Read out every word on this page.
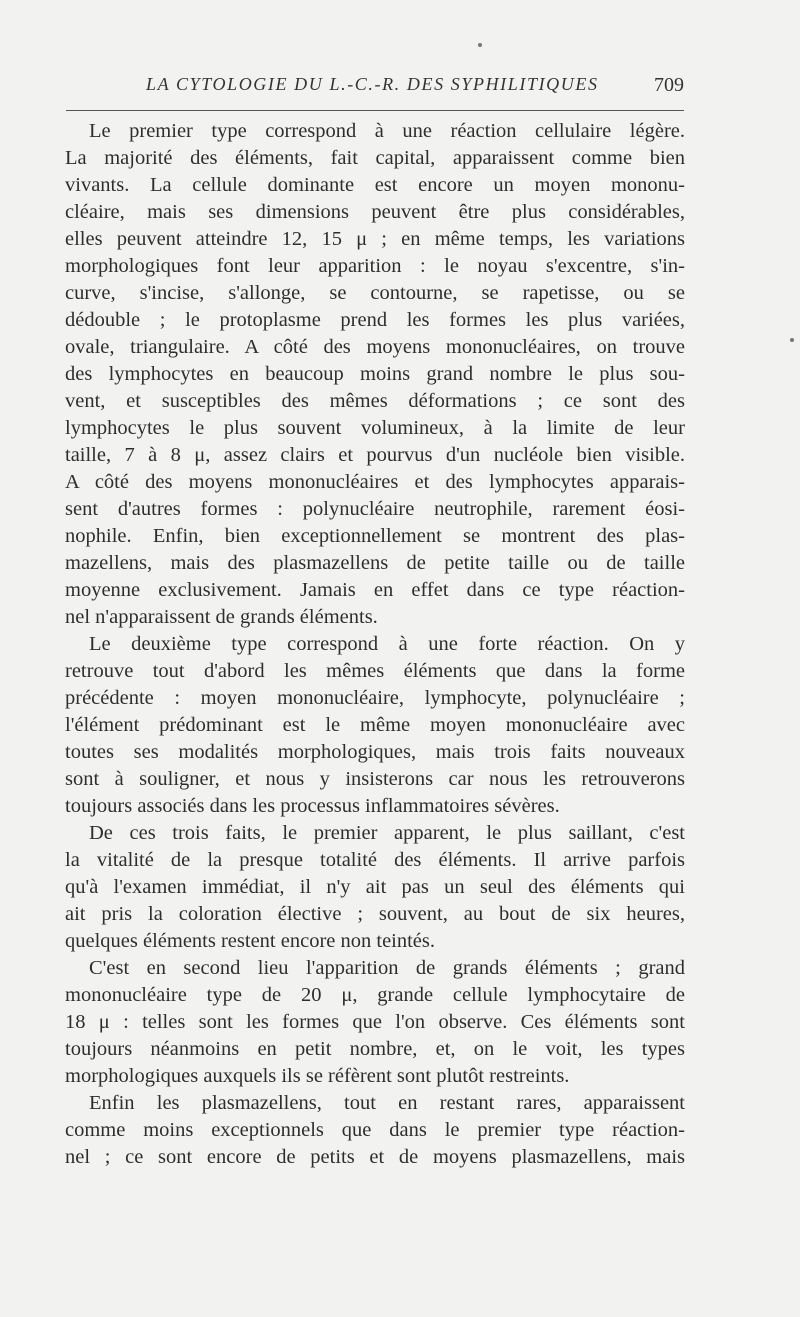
LA CYTOLOGIE DU L.-C.-R. DES SYPHILITIQUES	709
Le premier type correspond à une réaction cellulaire légère.
La majorité des éléments, fait capital, apparaissent comme bien
vivants. La cellule dominante est encore un moyen mononu-
cléaire, mais ses dimensions peuvent être plus considérables,
elles peuvent atteindre 12, 15 μ ; en même temps, les variations
morphologiques font leur apparition : le noyau s'excentre, s'in-
curve, s'incise, s'allonge, se contourne, se rapetisse, ou se
dédouble ; le protoplasme prend les formes les plus variées,
ovale, triangulaire. A côté des moyens mononucléaires, on trouve
des lymphocytes en beaucoup moins grand nombre le plus sou-
vent, et susceptibles des mêmes déformations ; ce sont des
lymphocytes le plus souvent volumineux, à la limite de leur
taille, 7 à 8 μ, assez clairs et pourvus d'un nucléole bien visible.
A côté des moyens mononucléaires et des lymphocytes apparais-
sent d'autres formes : polynucléaire neutrophile, rarement éosi-
nophile. Enfin, bien exceptionnellement se montrent des plas-
mazellens, mais des plasmazellens de petite taille ou de taille
moyenne exclusivement. Jamais en effet dans ce type réaction-
nel n'apparaissent de grands éléments.
Le deuxième type correspond à une forte réaction. On y
retrouve tout d'abord les mêmes éléments que dans la forme
précédente : moyen mononucléaire, lymphocyte, polynucléaire ;
l'élément prédominant est le même moyen mononucléaire avec
toutes ses modalités morphologiques, mais trois faits nouveaux
sont à souligner, et nous y insisterons car nous les retrouverons
toujours associés dans les processus inflammatoires sévères.
De ces trois faits, le premier apparent, le plus saillant, c'est
la vitalité de la presque totalité des éléments. Il arrive parfois
qu'à l'examen immédiat, il n'y ait pas un seul des éléments qui
ait pris la coloration élective ; souvent, au bout de six heures,
quelques éléments restent encore non teintés.
C'est en second lieu l'apparition de grands éléments ; grand
mononucléaire type de 20 μ, grande cellule lymphocytaire de
18 μ : telles sont les formes que l'on observe. Ces éléments sont
toujours néanmoins en petit nombre, et, on le voit, les types
morphologiques auxquels ils se réfèrent sont plutôt restreints.
Enfin les plasmazellens, tout en restant rares, apparaissent
comme moins exceptionnels que dans le premier type réaction-
nel ; ce sont encore de petits et de moyens plasmazellens, mais
